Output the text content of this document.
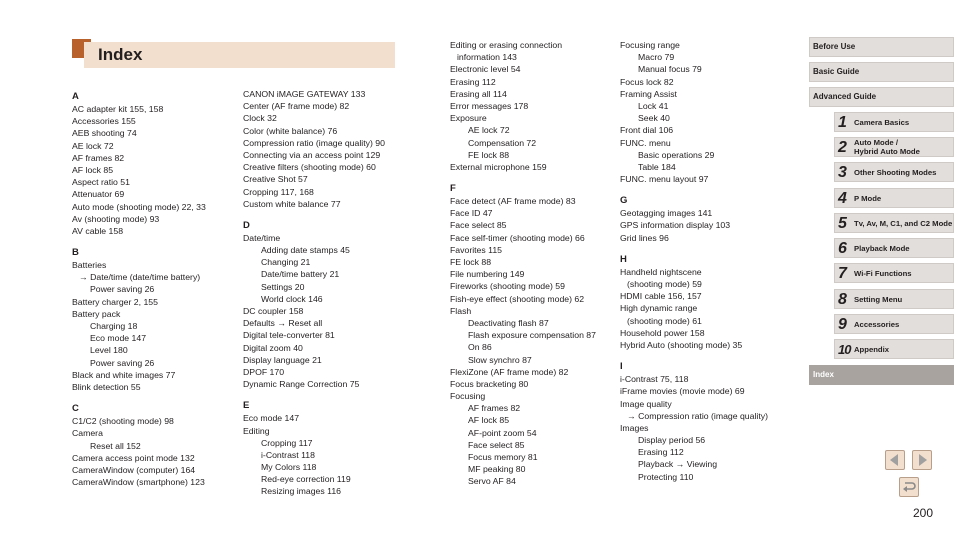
Index
A
AC adapter kit 155, 158
Accessories 155
AEB shooting 74
AE lock 72
AF frames 82
AF lock 85
Aspect ratio 51
Attenuator 69
Auto mode (shooting mode) 22, 33
Av (shooting mode) 93
AV cable 158
B
Batteries
→ Date/time (date/time battery)
Power saving 26
Battery charger 2, 155
Battery pack
Charging 18
Eco mode 147
Level 180
Power saving 26
Black and white images 77
Blink detection 55
C
C1/C2 (shooting mode) 98
Camera
Reset all 152
Camera access point mode 132
CameraWindow (computer) 164
CameraWindow (smartphone) 123
CANON iMAGE GATEWAY 133
Center (AF frame mode) 82
Clock 32
Color (white balance) 76
Compression ratio (image quality) 90
Connecting via an access point 129
Creative filters (shooting mode) 60
Creative Shot 57
Cropping 117, 168
Custom white balance 77
D
Date/time
Adding date stamps 45
Changing 21
Date/time battery 21
Settings 20
World clock 146
DC coupler 158
Defaults → Reset all
Digital tele-converter 81
Digital zoom 40
Display language 21
DPOF 170
Dynamic Range Correction 75
E
Eco mode 147
Editing
Cropping 117
i-Contrast 118
My Colors 118
Red-eye correction 119
Resizing images 116
Editing or erasing connection
information 143
Electronic level 54
Erasing 112
Erasing all 114
Error messages 178
Exposure
AE lock 72
Compensation 72
FE lock 88
External microphone 159
F
Face detect (AF frame mode) 83
Face ID 47
Face select 85
Face self-timer (shooting mode) 66
Favorites 115
FE lock 88
File numbering 149
Fireworks (shooting mode) 59
Fish-eye effect (shooting mode) 62
Flash
Deactivating flash 87
Flash exposure compensation 87
On 86
Slow synchro 87
FlexiZone (AF frame mode) 82
Focus bracketing 80
Focusing
AF frames 82
AF lock 85
AF-point zoom 54
Face select 85
Focus memory 81
MF peaking 80
Servo AF 84
Focusing range
Macro 79
Manual focus 79
Focus lock 82
Framing Assist
Lock 41
Seek 40
Front dial 106
FUNC. menu
Basic operations 29
Table 184
FUNC. menu layout 97
G
Geotagging images 141
GPS information display 103
Grid lines 96
H
Handheld nightscene
(shooting mode) 59
HDMI cable 156, 157
High dynamic range
(shooting mode) 61
Household power 158
Hybrid Auto (shooting mode) 35
I
i-Contrast 75, 118
iFrame movies (movie mode) 69
Image quality
→ Compression ratio (image quality)
Images
Display period 56
Erasing 112
Playback → Viewing
Protecting 110
Before Use
Basic Guide
Advanced Guide
1 Camera Basics
2 Auto Mode /
Hybrid Auto Mode
3 Other Shooting Modes
4 P Mode
5 Tv, Av, M, C1, and C2 Mode
6 Playback Mode
7 Wi-Fi Functions
8 Setting Menu
9 Accessories
10 Appendix
Index
200
